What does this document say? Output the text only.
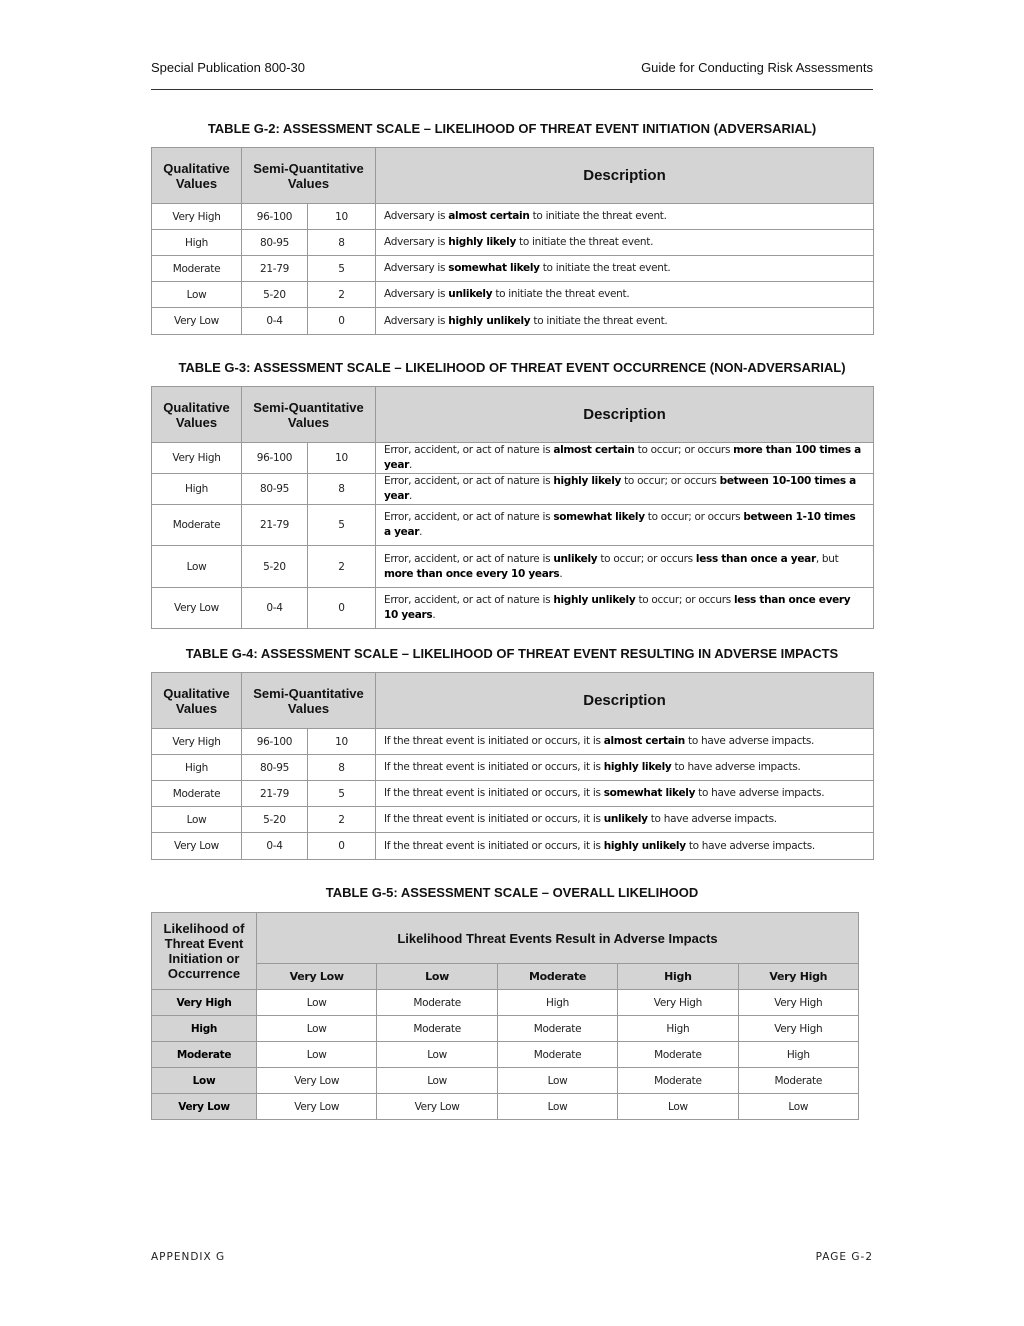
Special Publication 800-30	Guide for Conducting Risk Assessments
TABLE G-2: ASSESSMENT SCALE – LIKELIHOOD OF THREAT EVENT INITIATION (ADVERSARIAL)
Qualitative Values	Semi-Quantitative Values		Description
Very High	96-100	10	Adversary is almost certain to initiate the threat event.
High	80-95	8	Adversary is highly likely to initiate the threat event.
Moderate	21-79	5	Adversary is somewhat likely to initiate the treat event.
Low	5-20	2	Adversary is unlikely to initiate the threat event.
Very Low	0-4	0	Adversary is highly unlikely to initiate the threat event.
TABLE G-3: ASSESSMENT SCALE – LIKELIHOOD OF THREAT EVENT OCCURRENCE (NON-ADVERSARIAL)
Qualitative Values	Semi-Quantitative Values		Description
Very High	96-100	10	Error, accident, or act of nature is almost certain to occur; or occurs more than 100 times a year.
High	80-95	8	Error, accident, or act of nature is highly likely to occur; or occurs between 10-100 times a year.
Moderate	21-79	5	Error, accident, or act of nature is somewhat likely to occur; or occurs between 1-10 times a year.
Low	5-20	2	Error, accident, or act of nature is unlikely to occur; or occurs less than once a year, but more than once every 10 years.
Very Low	0-4	0	Error, accident, or act of nature is highly unlikely to occur; or occurs less than once every 10 years.
TABLE G-4: ASSESSMENT SCALE – LIKELIHOOD OF THREAT EVENT RESULTING IN ADVERSE IMPACTS
Qualitative Values	Semi-Quantitative Values		Description
Very High	96-100	10	If the threat event is initiated or occurs, it is almost certain to have adverse impacts.
High	80-95	8	If the threat event is initiated or occurs, it is highly likely to have adverse impacts.
Moderate	21-79	5	If the threat event is initiated or occurs, it is somewhat likely to have adverse impacts.
Low	5-20	2	If the threat event is initiated or occurs, it is unlikely to have adverse impacts.
Very Low	0-4	0	If the threat event is initiated or occurs, it is highly unlikely to have adverse impacts.
TABLE G-5: ASSESSMENT SCALE – OVERALL LIKELIHOOD
Likelihood of Threat Event Initiation or Occurrence	Likelihood Threat Events Result in Adverse Impacts				
	Very Low	Low	Moderate	High	Very High
Very High	Low	Moderate	High	Very High	Very High
High	Low	Moderate	Moderate	High	Very High
Moderate	Low	Low	Moderate	Moderate	High
Low	Very Low	Low	Low	Moderate	Moderate
Very Low	Very Low	Very Low	Low	Low	Low
APPENDIX G	PAGE G-2
